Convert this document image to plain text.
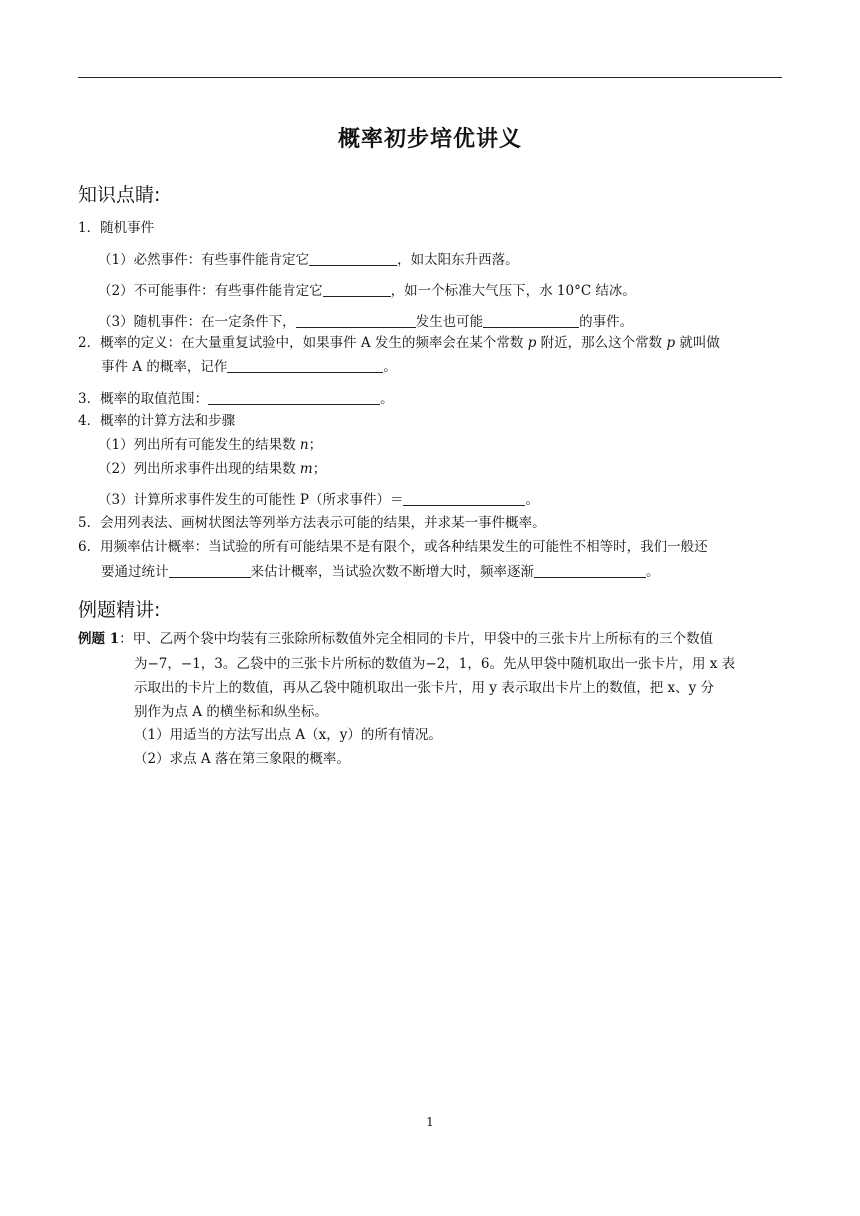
概率初步培优讲义
知识点睛:
1．随机事件
（1）必然事件：有些事件能肯定它	，如太阳东升西落。
（2）不可能事件：有些事件能肯定它	，如一个标准大气压下，水 10°C 结冰。
（3）随机事件：在一定条件下，	发生也可能	的事件。
2．概率的定义：在大量重复试验中，如果事件 A 发生的频率会在某个常数 p 附近，那么这个常数 p 就叫做
事件 A 的概率，记作	。
3．概率的取值范围：	。
4．概率的计算方法和步骤
（1）列出所有可能发生的结果数 n；
（2）列出所求事件出现的结果数 m；
（3）计算所求事件发生的可能性 P（所求事件）＝	。
5．会用列表法、画树状图法等列举方法表示可能的结果，并求某一事件概率。
6．用频率估计概率：当试验的所有可能结果不是有限个，或各种结果发生的可能性不相等时，我们一般还
要通过统计	来估计概率，当试验次数不断增大时，频率逐渐	。
例题精讲:
例题 1：甲、乙两个袋中均装有三张除所标数值外完全相同的卡片，甲袋中的三张卡片上所标有的三个数值
为−7，−1，3。乙袋中的三张卡片所标的数值为−2，1，6。先从甲袋中随机取出一张卡片，用 x 表
示取出的卡片上的数值，再从乙袋中随机取出一张卡片，用 y 表示取出卡片上的数值，把 x、y 分
别作为点 A 的横坐标和纵坐标。
（1）用适当的方法写出点 A（x，y）的所有情况。
（2）求点 A 落在第三象限的概率。
1
